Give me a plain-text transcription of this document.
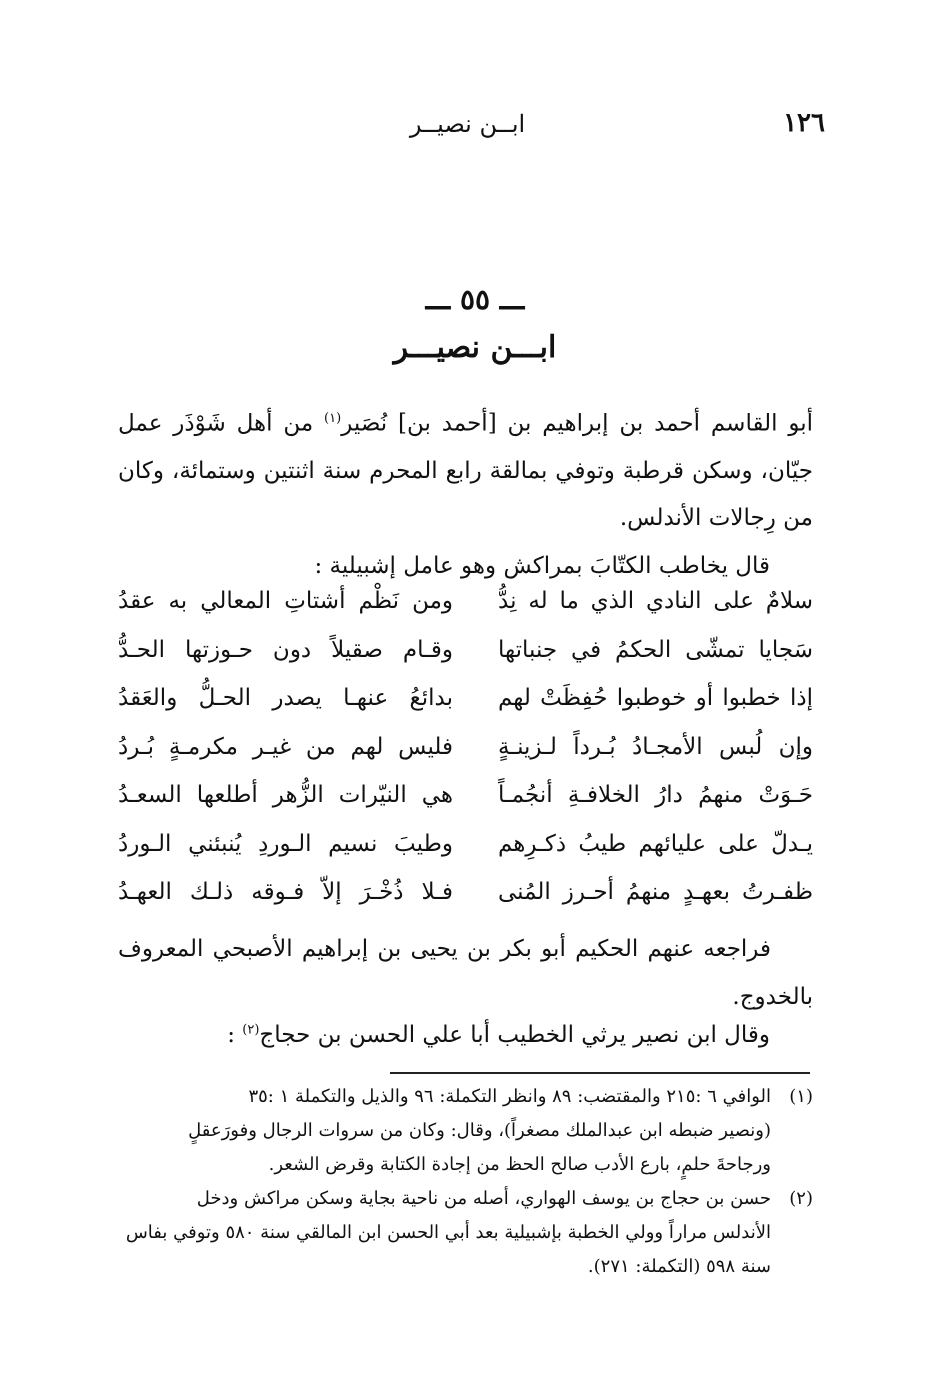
١٢٦
ابــن نصيــر
ـــ ٥٥ ـــ
ابـــن نصيـــر

أبو القاسم أحمد بن إبراهيم بن [أحمد بن] نُصَير$^{(١)}$ من أهل شَوْذَر عمل جيّان، وسكن قرطبة وتوفي بمالقة رابع المحرم سنة اثنتين وستمائة، وكان من رِجالات الأندلس.

قال يخاطب الكتّابَ بمراكش وهو عامل إشبيلية :
سلامٌ على النادي الذي ما له نِدُّ
ومن نَظْم أشتاتِ المعالي به عقدُ
سَجايا تمشّى الحكمُ في جنباتها
وقـام صقيلاً دون حـوزتها الحـدُّ
إذا خطبوا أو خوطبوا حُفِظَتْ لهم
بدائعُ عنهـا يصدر الحـلُّ والعَقدُ
وإن لُبس الأمجـادُ بُـرداً لـزينـةٍ
فليس لهم من غيـر مكرمـةٍ بُـردُ
حَـوَتْ منهمُ دارُ الخلافـةِ أنجُمـاً
هي النيّرات الزُّهر أطلعها السعـدُ
يـدلّ على عليائهم طيبُ ذكـرِهم
وطيبَ نسيم الـوردِ يُنبئني الـوردُ
ظفـرتُ بعهـدٍ منهمُ أحـرز المُنى
فـلا ذُخْـرَ إلاّ فـوقه ذلـك العهـدُ

فراجعه عنهم الحكيم أبو بكر بن يحيى بن إبراهيم الأصبحي المعروف بالخدوج.

وقال ابن نصير يرثي الخطيب أبا علي الحسن بن حجاج$^{(٢)}$ :
(١)
الوافي ٦ :٢١٥ والمقتضب: ٨٩ وانظر التكملة: ٩٦ والذيل والتكملة ١ :٣٥
(ونصير ضبطه ابن عبدالملك مصغراً)، وقال: وكان من سروات الرجال وفورَعقلٍ
ورجاحةَ حلمٍ، بارع الأدب صالح الحظ من إجادة الكتابة وقرض الشعر.
(٢)
حسن بن حجاج بن يوسف الهواري، أصله من ناحية بجاية وسكن مراكش ودخل
الأندلس مراراً وولي الخطبة بإشبيلية بعد أبي الحسن ابن المالقي سنة ٥٨٠ وتوفي بفاس
سنة ٥٩٨ (التكملة: ٢٧١).
